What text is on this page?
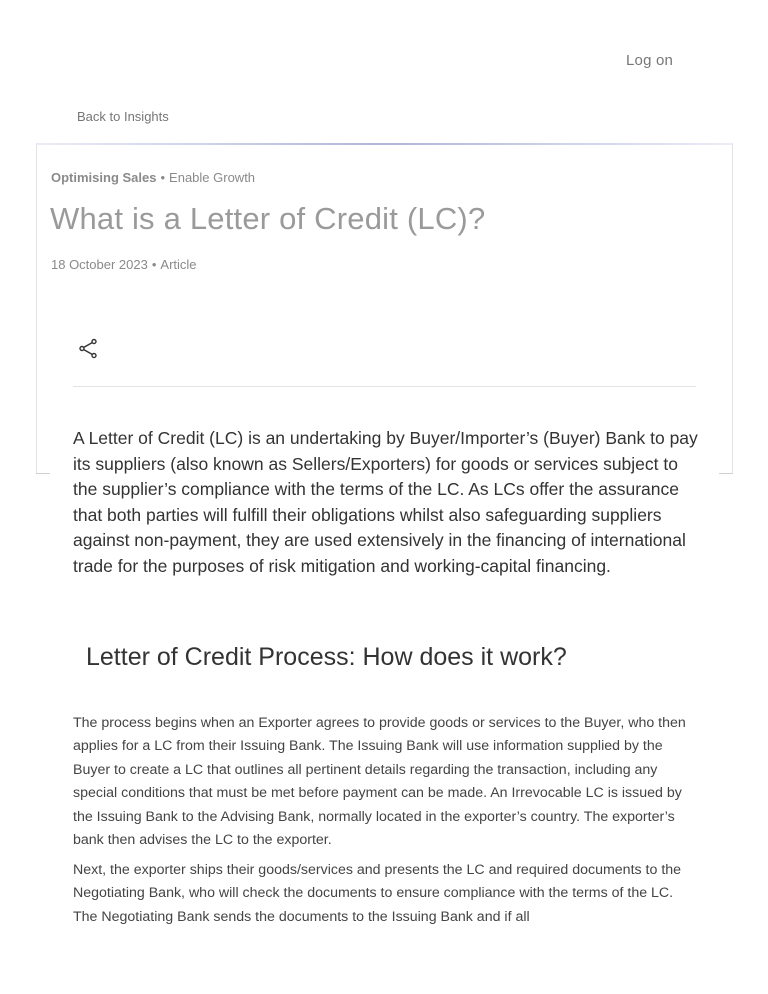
Log on
Back to Insights
Optimising Sales • Enable Growth
What is a Letter of Credit (LC)?
18 October 2023 • Article

A Letter of Credit (LC) is an undertaking by Buyer/Importer’s (Buyer) Bank to pay its suppliers (also known as Sellers/Exporters) for goods or services subject to the supplier’s compliance with the terms of the LC. As LCs offer the assurance that both parties will fulfill their obligations whilst also safeguarding suppliers against non-payment, they are used extensively in the financing of international trade for the purposes of risk mitigation and working-capital financing.

Letter of Credit Process: How does it work?

The process begins when an Exporter agrees to provide goods or services to the Buyer, who then applies for a LC from their Issuing Bank. The Issuing Bank will use information supplied by the Buyer to create a LC that outlines all pertinent details regarding the transaction, including any special conditions that must be met before payment can be made. An Irrevocable LC is issued by the Issuing Bank to the Advising Bank, normally located in the exporter’s country. The exporter’s bank then advises the LC to the exporter.

Next, the exporter ships their goods/services and presents the LC and required documents to the Negotiating Bank, who will check the documents to ensure compliance with the terms of the LC. The Negotiating Bank sends the documents to the Issuing Bank and if all
